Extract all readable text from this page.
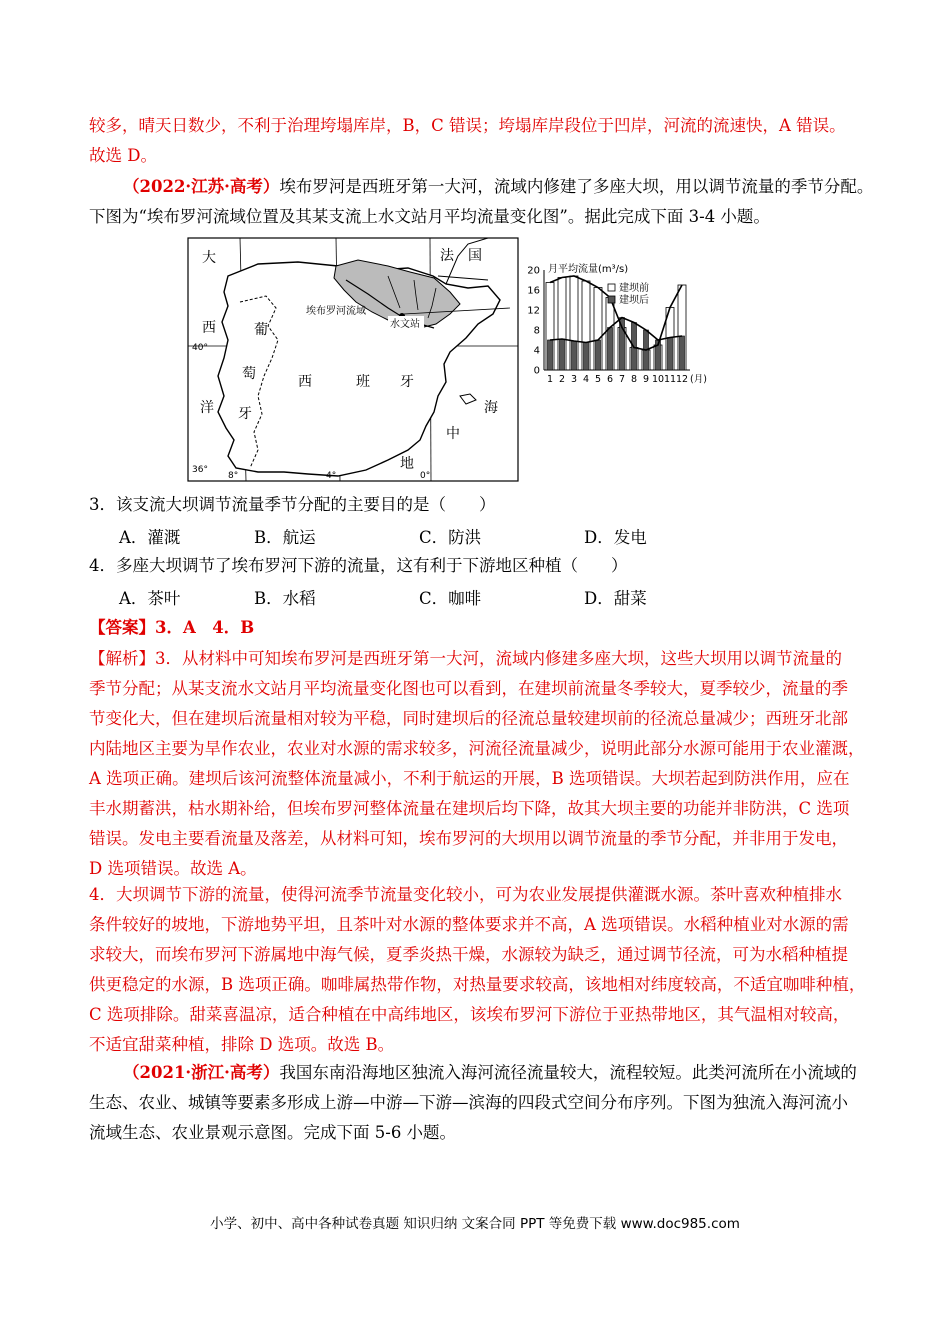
较多，晴天日数少，不利于治理垮塌库岸，B，C 错误；垮塌库岸段位于凹岸，河流的流速快，A 错误。
故选 D。
（2022·江苏·高考）埃布罗河是西班牙第一大河，流域内修建了多座大坝，用以调节流量的季节分配。
下图为“埃布罗河流域位置及其某支流上水文站月平均流量变化图”。据此完成下面 3-4 小题。
大
西
洋
葡
萄
牙
法　国
西	班 牙
海
中
地
埃布罗河流域
水文站
40°
36°
8°	4°	0°
月平均流量(m³/s)
0
4
8
12
16
20
1 2 3 4 5 6 7 8 9 10 11 12 (月)
建坝前
建坝后
3．该支流大坝调节流量季节分配的主要目的是（　　）
A．灌溉	B．航运	C．防洪	D．发电
4．多座大坝调节了埃布罗河下游的流量，这有利于下游地区种植（　　）
A．茶叶	B．水稻	C．咖啡	D．甜菜
【答案】3．A　4．B
【解析】3．从材料中可知埃布罗河是西班牙第一大河，流域内修建多座大坝，这些大坝用以调节流量的
季节分配；从某支流水文站月平均流量变化图也可以看到，在建坝前流量冬季较大，夏季较少，流量的季
节变化大，但在建坝后流量相对较为平稳，同时建坝后的径流总量较建坝前的径流总量减少；西班牙北部
内陆地区主要为旱作农业，农业对水源的需求较多，河流径流量减少，说明此部分水源可能用于农业灌溉，
A 选项正确。建坝后该河流整体流量减小，不利于航运的开展，B 选项错误。大坝若起到防洪作用，应在
丰水期蓄洪，枯水期补给，但埃布罗河整体流量在建坝后均下降，故其大坝主要的功能并非防洪，C 选项
错误。发电主要看流量及落差，从材料可知，埃布罗河的大坝用以调节流量的季节分配，并非用于发电，
D 选项错误。故选 A。
4．大坝调节下游的流量，使得河流季节流量变化较小，可为农业发展提供灌溉水源。茶叶喜欢种植排水
条件较好的坡地，下游地势平坦，且茶叶对水源的整体要求并不高，A 选项错误。水稻种植业对水源的需
求较大，而埃布罗河下游属地中海气候，夏季炎热干燥，水源较为缺乏，通过调节径流，可为水稻种植提
供更稳定的水源，B 选项正确。咖啡属热带作物，对热量要求较高，该地相对纬度较高，不适宜咖啡种植，
C 选项排除。甜菜喜温凉，适合种植在中高纬地区，该埃布罗河下游位于亚热带地区，其气温相对较高，
不适宜甜菜种植，排除 D 选项。故选 B。
（2021·浙江·高考）我国东南沿海地区独流入海河流径流量较大，流程较短。此类河流所在小流域的
生态、农业、城镇等要素多形成上游—中游—下游—滨海的四段式空间分布序列。下图为独流入海河流小
流域生态、农业景观示意图。完成下面 5-6 小题。
小学、初中、高中各种试卷真题 知识归纳 文案合同 PPT 等免费下载 www.doc985.com
